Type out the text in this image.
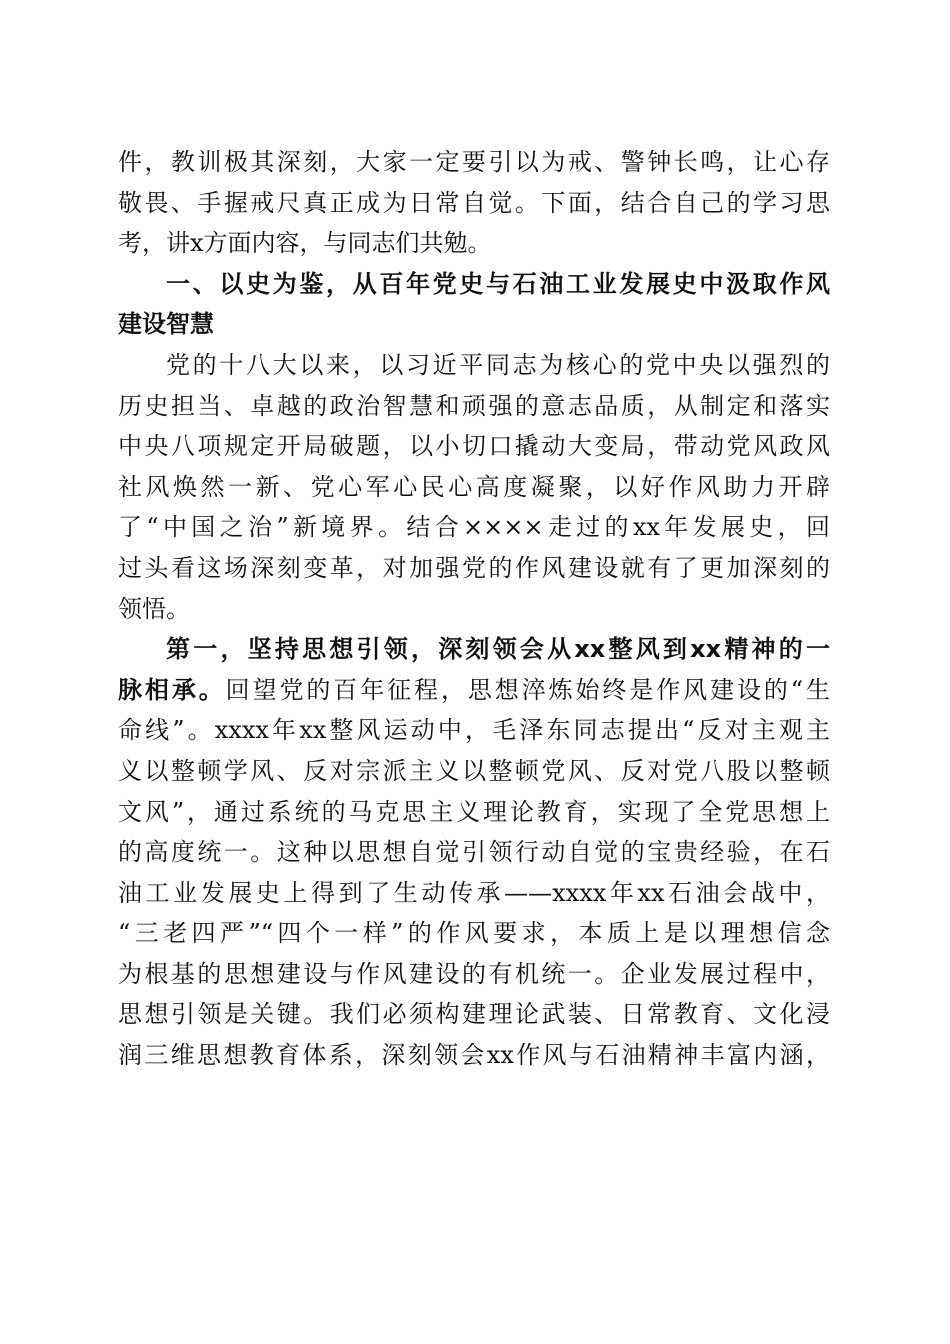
件，教训极其深刻，大家一定要引以为戒、警钟长鸣，让心存
敬畏、手握戒尺真正成为日常自觉。下面，结合自己的学习思
考，讲x方面内容，与同志们共勉。
一、以史为鉴，从百年党史与石油工业发展史中汲取作风
建设智慧
党的十八大以来，以习近平同志为核心的党中央以强烈的
历史担当、卓越的政治智慧和顽强的意志品质，从制定和落实
中央八项规定开局破题，以小切口撬动大变局，带动党风政风
社风焕然一新、党心军心民心高度凝聚，以好作风助力开辟
了“中国之治”新境界。结合××××走过的xx年发展史，回
过头看这场深刻变革，对加强党的作风建设就有了更加深刻的
领悟。
第一，坚持思想引领，深刻领会从xx整风到xx精神的一
脉相承。回望党的百年征程，思想淬炼始终是作风建设的“生
命线”。xxxx年xx整风运动中，毛泽东同志提出“反对主观主
义以整顿学风、反对宗派主义以整顿党风、反对党八股以整顿
文风”，通过系统的马克思主义理论教育，实现了全党思想上
的高度统一。这种以思想自觉引领行动自觉的宝贵经验，在石
油工业发展史上得到了生动传承——xxxx年xx石油会战中，
“三老四严”“四个一样”的作风要求，本质上是以理想信念
为根基的思想建设与作风建设的有机统一。企业发展过程中，
思想引领是关键。我们必须构建理论武装、日常教育、文化浸
润三维思想教育体系，深刻领会xx作风与石油精神丰富内涵，
